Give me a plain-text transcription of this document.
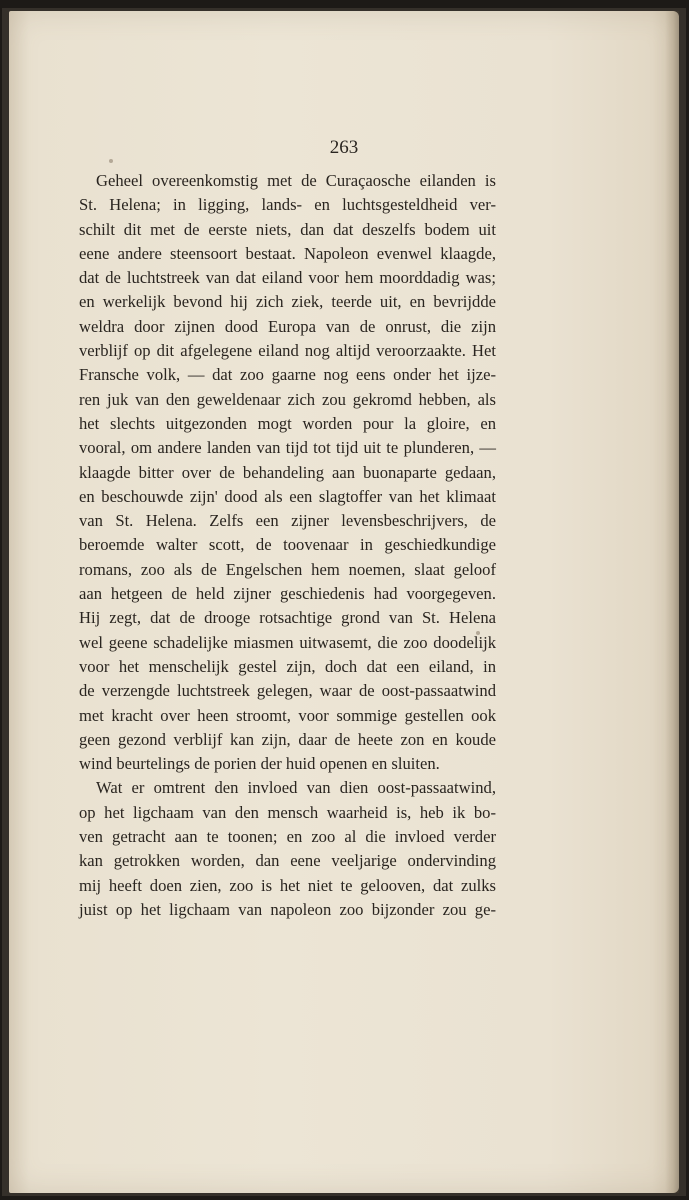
263
Geheel overeenkomstig met de Curaçaosche eilanden is
St. Helena; in ligging, lands- en luchtsgesteldheid ver-
schilt dit met de eerste niets, dan dat deszelfs bodem uit
eene andere steensoort bestaat. Napoleon evenwel klaagde,
dat de luchtstreek van dat eiland voor hem moorddadig was;
en werkelijk bevond hij zich ziek, teerde uit, en bevrijdde
weldra door zijnen dood Europa van de onrust, die zijn
verblijf op dit afgelegene eiland nog altijd veroorzaakte. Het
Fransche volk, — dat zoo gaarne nog eens onder het ijze-
ren juk van den geweldenaar zich zou gekromd hebben, als
het slechts uitgezonden mogt worden pour la gloire, en
vooral, om andere landen van tijd tot tijd uit te plunderen, —
klaagde bitter over de behandeling aan buonaparte gedaan,
en beschouwde zijn' dood als een slagtoffer van het klimaat
van St. Helena. Zelfs een zijner levensbeschrijvers, de
beroemde walter scott, de toovenaar in geschiedkundige
romans, zoo als de Engelschen hem noemen, slaat geloof
aan hetgeen de held zijner geschiedenis had voorgegeven.
Hij zegt, dat de drooge rotsachtige grond van St. Helena
wel geene schadelijke miasmen uitwasemt, die zoo doodelijk
voor het menschelijk gestel zijn, doch dat een eiland, in
de verzengde luchtstreek gelegen, waar de oost-passaatwind
met kracht over heen stroomt, voor sommige gestellen ook
geen gezond verblijf kan zijn, daar de heete zon en koude
wind beurtelings de porien der huid openen en sluiten.
Wat er omtrent den invloed van dien oost-passaatwind,
op het ligchaam van den mensch waarheid is, heb ik bo-
ven getracht aan te toonen; en zoo al die invloed verder
kan getrokken worden, dan eene veeljarige ondervinding
mij heeft doen zien, zoo is het niet te gelooven, dat zulks
juist op het ligchaam van napoleon zoo bijzonder zou ge-
